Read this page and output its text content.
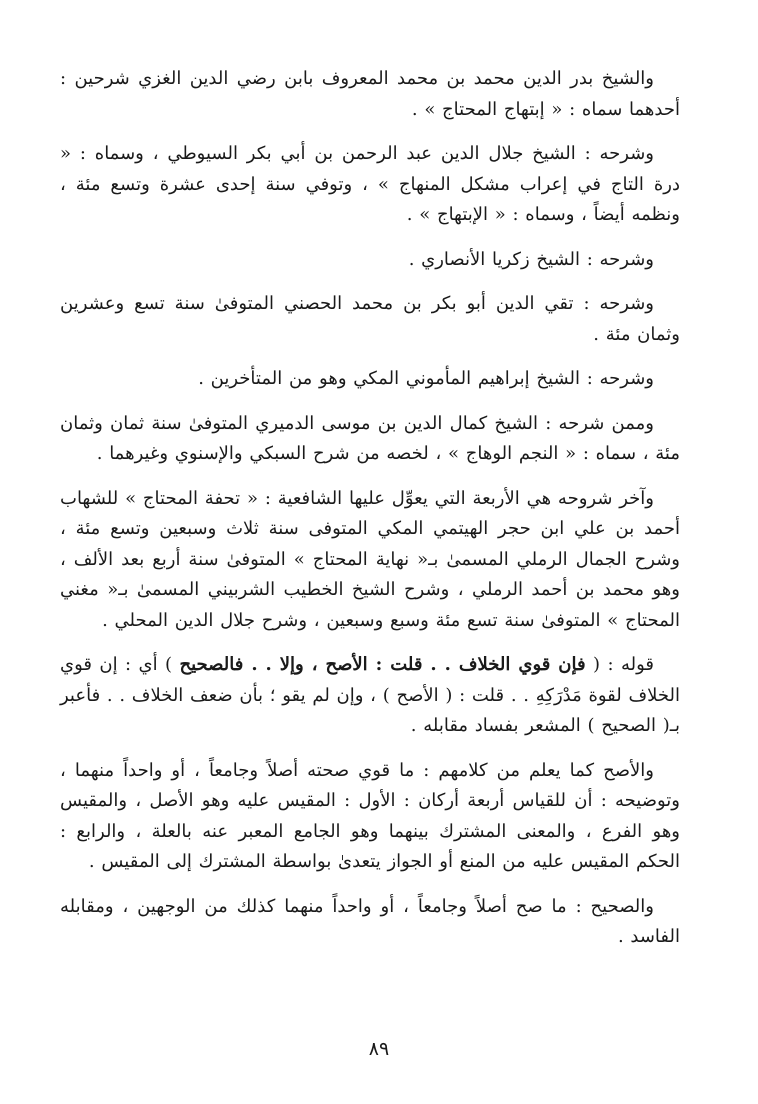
والشيخ بدر الدين محمد بن محمد المعروف بابن رضي الدين الغزي شرحين : أحدهما سماه : « إبتهاج المحتاج » .

وشرحه : الشيخ جلال الدين عبد الرحمن بن أبي بكر السيوطي ، وسماه : « درة التاج في إعراب مشكل المنهاج » ، وتوفي سنة إحدى عشرة وتسع مئة ، ونظمه أيضاً ، وسماه : « الإبتهاج » .

وشرحه : الشيخ زكريا الأنصاري .

وشرحه : تقي الدين أبو بكر بن محمد الحصني المتوفىٰ سنة تسع وعشرين وثمان مئة .

وشرحه : الشيخ إبراهيم المأموني المكي وهو من المتأخرين .

وممن شرحه : الشيخ كمال الدين بن موسى الدميري المتوفىٰ سنة ثمان وثمان مئة ، سماه : « النجم الوهاج » ، لخصه من شرح السبكي والإسنوي وغيرهما .

وآخر شروحه هي الأربعة التي يعوِّل عليها الشافعية : « تحفة المحتاج » للشهاب أحمد بن علي ابن حجر الهيتمي المكي المتوفى سنة ثلاث وسبعين وتسع مئة ، وشرح الجمال الرملي المسمىٰ بـ« نهاية المحتاج » المتوفىٰ سنة أربع بعد الألف ، وهو محمد بن أحمد الرملي ، وشرح الشيخ الخطيب الشربيني المسمىٰ بـ« مغني المحتاج » المتوفىٰ سنة تسع مئة وسبع وسبعين ، وشرح جلال الدين المحلي .

قوله : ( فإن قوي الخلاف . . قلت : الأصح ، وإلا . . فالصحيح ) أي : إن قوي الخلاف لقوة مَدْرَكِهِ . . قلت : ( الأصح ) ، وإن لم يقو ؛ بأن ضعف الخلاف . . فأعبر بـ( الصحيح ) المشعر بفساد مقابله .

والأصح كما يعلم من كلامهم : ما قوي صحته أصلاً وجامعاً ، أو واحداً منهما ، وتوضيحه : أن للقياس أربعة أركان : الأول : المقيس عليه وهو الأصل ، والمقيس وهو الفرع ، والمعنى المشترك بينهما وهو الجامع المعبر عنه بالعلة ، والرابع : الحكم المقيس عليه من المنع أو الجواز يتعدىٰ بواسطة المشترك إلى المقيس .

والصحيح : ما صح أصلاً وجامعاً ، أو واحداً منهما كذلك من الوجهين ، ومقابله الفاسد .

٨٩
